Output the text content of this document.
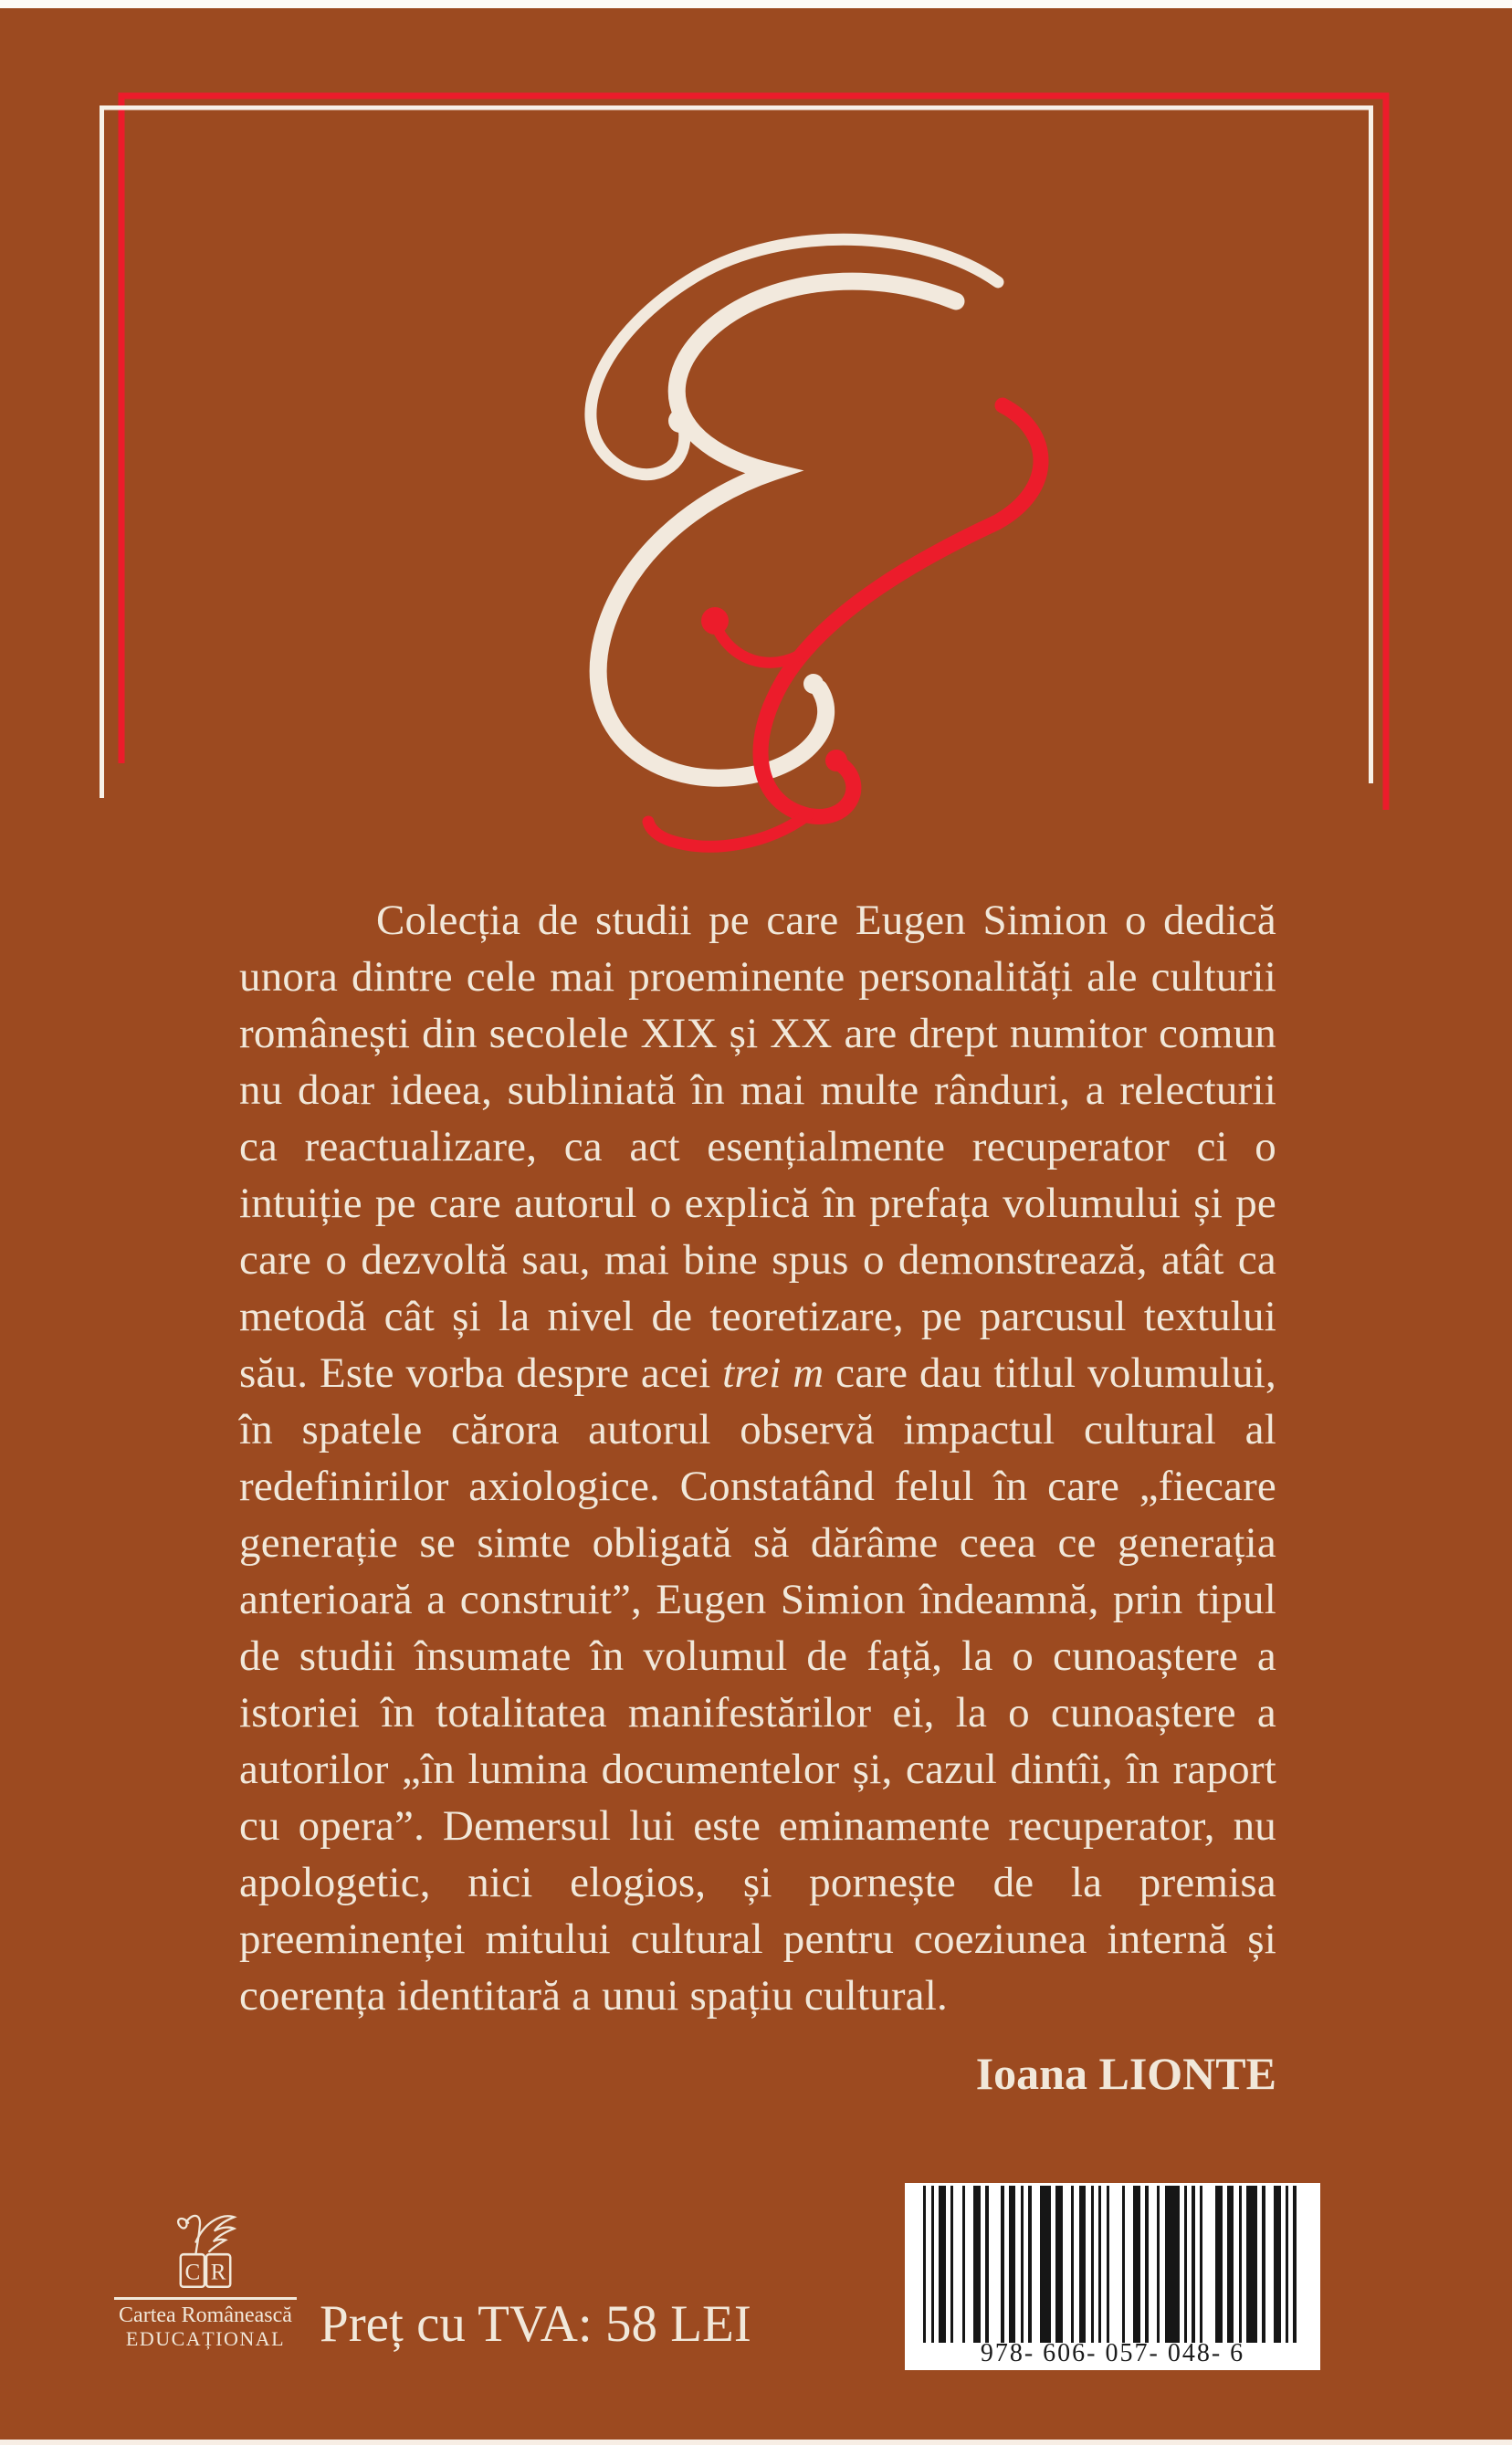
Colecția de studii pe care Eugen Simion o dedică unora dintre cele mai proeminente personalități ale culturii românești din secolele XIX și XX are drept numitor comun nu doar ideea, subliniată în mai multe rânduri, a relecturii ca reactualizare, ca act esențialmente recuperator ci o intuiție pe care autorul o explică în prefața volumului și pe care o dezvoltă sau, mai bine spus o demonstrează, atât ca metodă cât și la nivel de teoretizare, pe parcusul textului său. Este vorba despre acei trei m care dau titlul volumului, în spatele cărora autorul observă impactul cultural al redefinirilor axiologice. Constatând felul în care „fiecare generație se simte obligată să dărâme ceea ce generația anterioară a construit”, Eugen Simion îndeamnă, prin tipul de studii însumate în volumul de față, la o cunoaștere a istoriei în totalitatea manifestărilor ei, la o cunoaștere a autorilor „în lumina documentelor și, cazul dintîi, în raport cu opera”. Demersul lui este eminamente recuperator, nu apologetic, nici elogios, și pornește de la premisa preeminenței mitului cultural pentru coeziunea internă și coerența identitară a unui spațiu cultural.

Ioana LIONTE
C R
Cartea Românească
EDUCAȚIONAL Preț cu TVA: 58 LEI
978- 606- 057- 048- 6
